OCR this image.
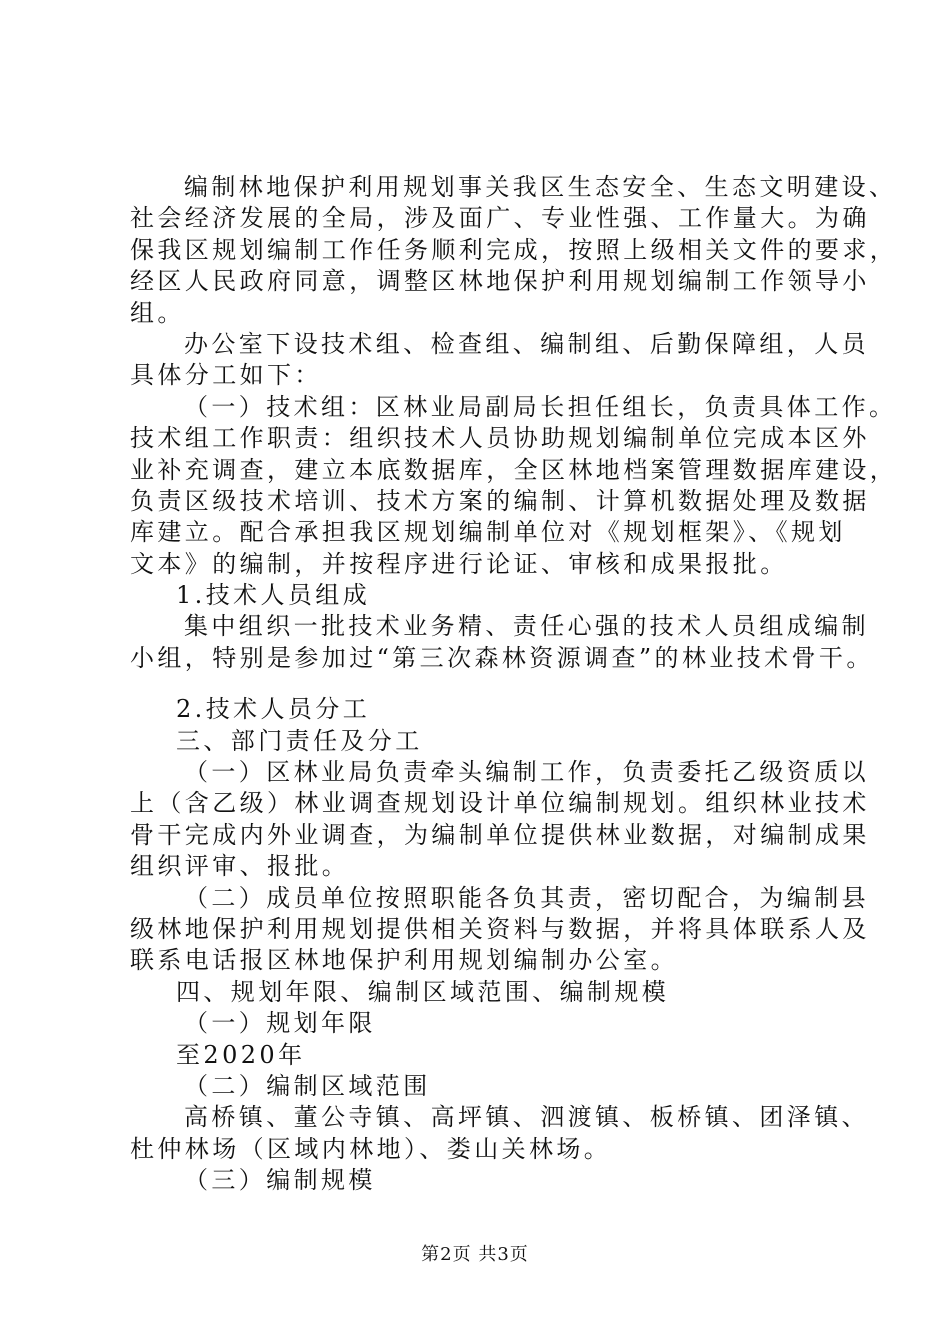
编制林地保护利用规划事关我区生态安全、生态文明建设、
社会经济发展的全局，涉及面广、专业性强、工作量大。为确
保我区规划编制工作任务顺利完成，按照上级相关文件的要求，
经区人民政府同意，调整区林地保护利用规划编制工作领导小
组。
办公室下设技术组、检查组、编制组、后勤保障组，人员
具体分工如下：
（一）技术组：区林业局副局长担任组长，负责具体工作。
技术组工作职责：组织技术人员协助规划编制单位完成本区外
业补充调查，建立本底数据库，全区林地档案管理数据库建设，
负责区级技术培训、技术方案的编制、计算机数据处理及数据
库建立。配合承担我区规划编制单位对《规划框架》、《规划
文本》的编制，并按程序进行论证、审核和成果报批。
1.技术人员组成
集中组织一批技术业务精、责任心强的技术人员组成编制
小组，特别是参加过“第三次森林资源调查”的林业技术骨干。
2.技术人员分工
三、部门责任及分工
（一）区林业局负责牵头编制工作，负责委托乙级资质以
上（含乙级）林业调查规划设计单位编制规划。组织林业技术
骨干完成内外业调查，为编制单位提供林业数据，对编制成果
组织评审、报批。
（二）成员单位按照职能各负其责，密切配合，为编制县
级林地保护利用规划提供相关资料与数据，并将具体联系人及
联系电话报区林地保护利用规划编制办公室。
四、规划年限、编制区域范围、编制规模
（一）规划年限
至2020年
（二）编制区域范围
高桥镇、董公寺镇、高坪镇、泗渡镇、板桥镇、团泽镇、
杜仲林场（区域内林地）、娄山关林场。
（三）编制规模
第2页 共3页
